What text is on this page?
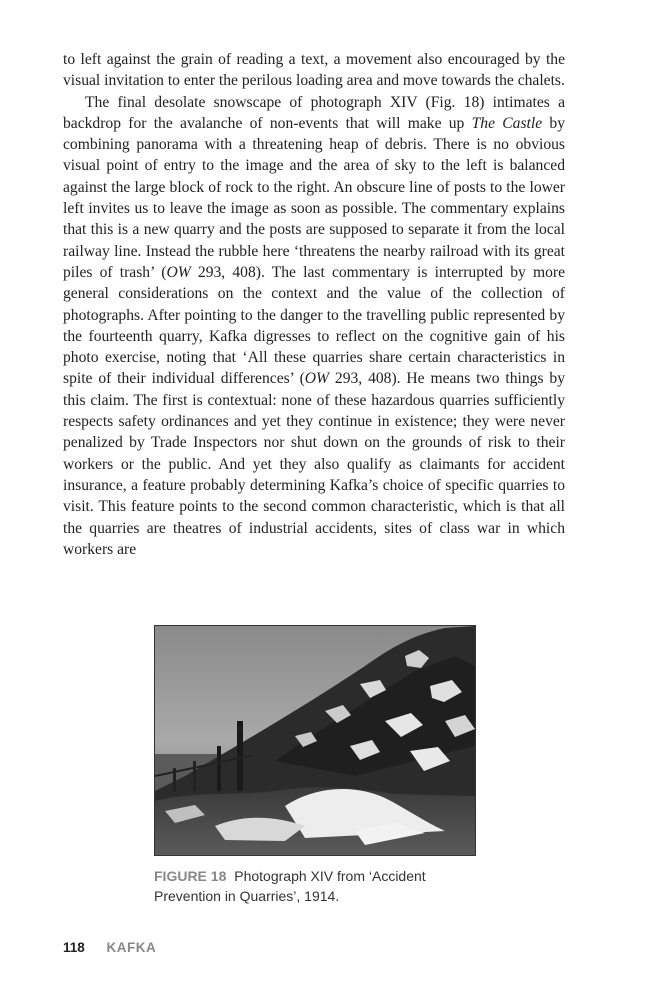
to left against the grain of reading a text, a movement also encouraged by the visual invitation to enter the perilous loading area and move towards the chalets.

The final desolate snowscape of photograph XIV (Fig. 18) intimates a backdrop for the avalanche of non-events that will make up The Castle by combining panorama with a threatening heap of debris. There is no obvious visual point of entry to the image and the area of sky to the left is balanced against the large block of rock to the right. An obscure line of posts to the lower left invites us to leave the image as soon as possible. The commentary explains that this is a new quarry and the posts are supposed to separate it from the local railway line. Instead the rubble here ‘threatens the nearby railroad with its great piles of trash’ (OW 293, 408). The last commentary is interrupted by more general considerations on the context and the value of the collection of photographs. After pointing to the danger to the travelling public represented by the fourteenth quarry, Kafka digresses to reflect on the cognitive gain of his photo exercise, noting that ‘All these quarries share certain characteristics in spite of their individual differences’ (OW 293, 408). He means two things by this claim. The first is contextual: none of these hazardous quarries sufficiently respects safety ordinances and yet they continue in existence; they were never penalized by Trade Inspectors nor shut down on the grounds of risk to their workers or the public. And yet they also qualify as claimants for accident insurance, a feature probably determining Kafka’s choice of specific quarries to visit. This feature points to the second common characteristic, which is that all the quarries are theatres of industrial accidents, sites of class war in which workers are

FIGURE 18 Photograph XIV from ‘Accident Prevention in Quarries’, 1914.
118 KAFKA
